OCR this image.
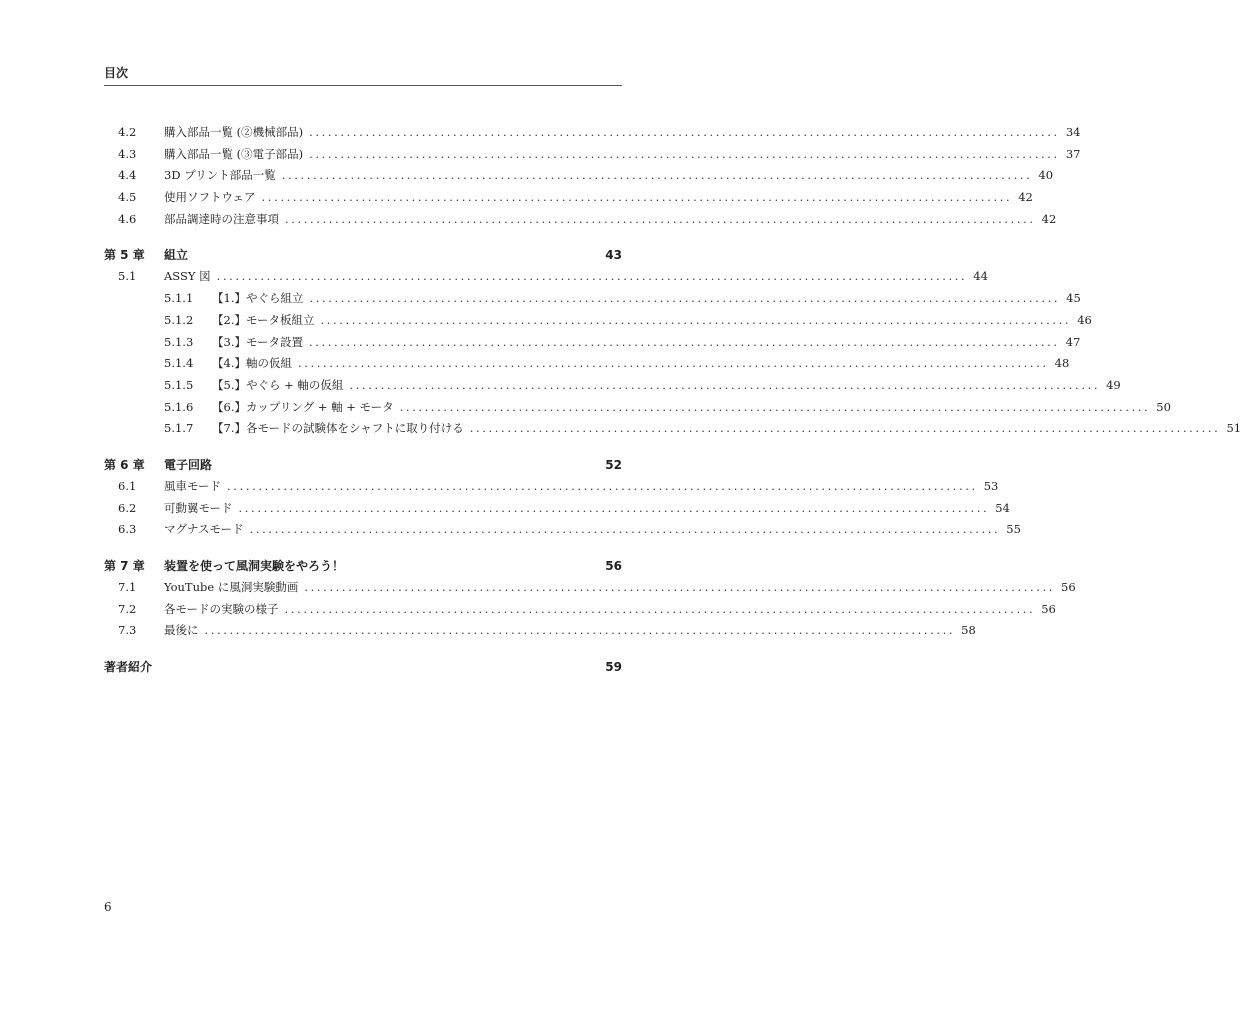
目次
4.2	購入部品一覧 (②機械部品) ........................................................................................................................ 34
4.3	購入部品一覧 (③電子部品) ........................................................................................................................ 37
4.4	3D プリント部品一覧 ........................................................................................................................ 40
4.5	使用ソフトウェア ........................................................................................................................ 42
4.6	部品調達時の注意事項 ........................................................................................................................ 42
第 5 章	組立	43
5.1	ASSY 図 ........................................................................................................................ 44
5.1.1	【1.】やぐら組立 ........................................................................................................................ 45
5.1.2	【2.】モータ板組立 ........................................................................................................................ 46
5.1.3	【3.】モータ設置 ........................................................................................................................ 47
5.1.4	【4.】軸の仮組 ........................................................................................................................ 48
5.1.5	【5.】やぐら + 軸の仮組 ........................................................................................................................ 49
5.1.6	【6.】カップリング + 軸 + モータ ........................................................................................................................ 50
5.1.7	【7.】各モードの試験体をシャフトに取り付ける ........................................................................................................................ 51
第 6 章	電子回路	52
6.1	風車モード ........................................................................................................................ 53
6.2	可動翼モード ........................................................................................................................ 54
6.3	マグナスモード ........................................................................................................................ 55
第 7 章	装置を使って風洞実験をやろう！	56
7.1	YouTube に風洞実験動画 ........................................................................................................................ 56
7.2	各モードの実験の様子 ........................................................................................................................ 56
7.3	最後に ........................................................................................................................ 58
著者紹介	59
6
